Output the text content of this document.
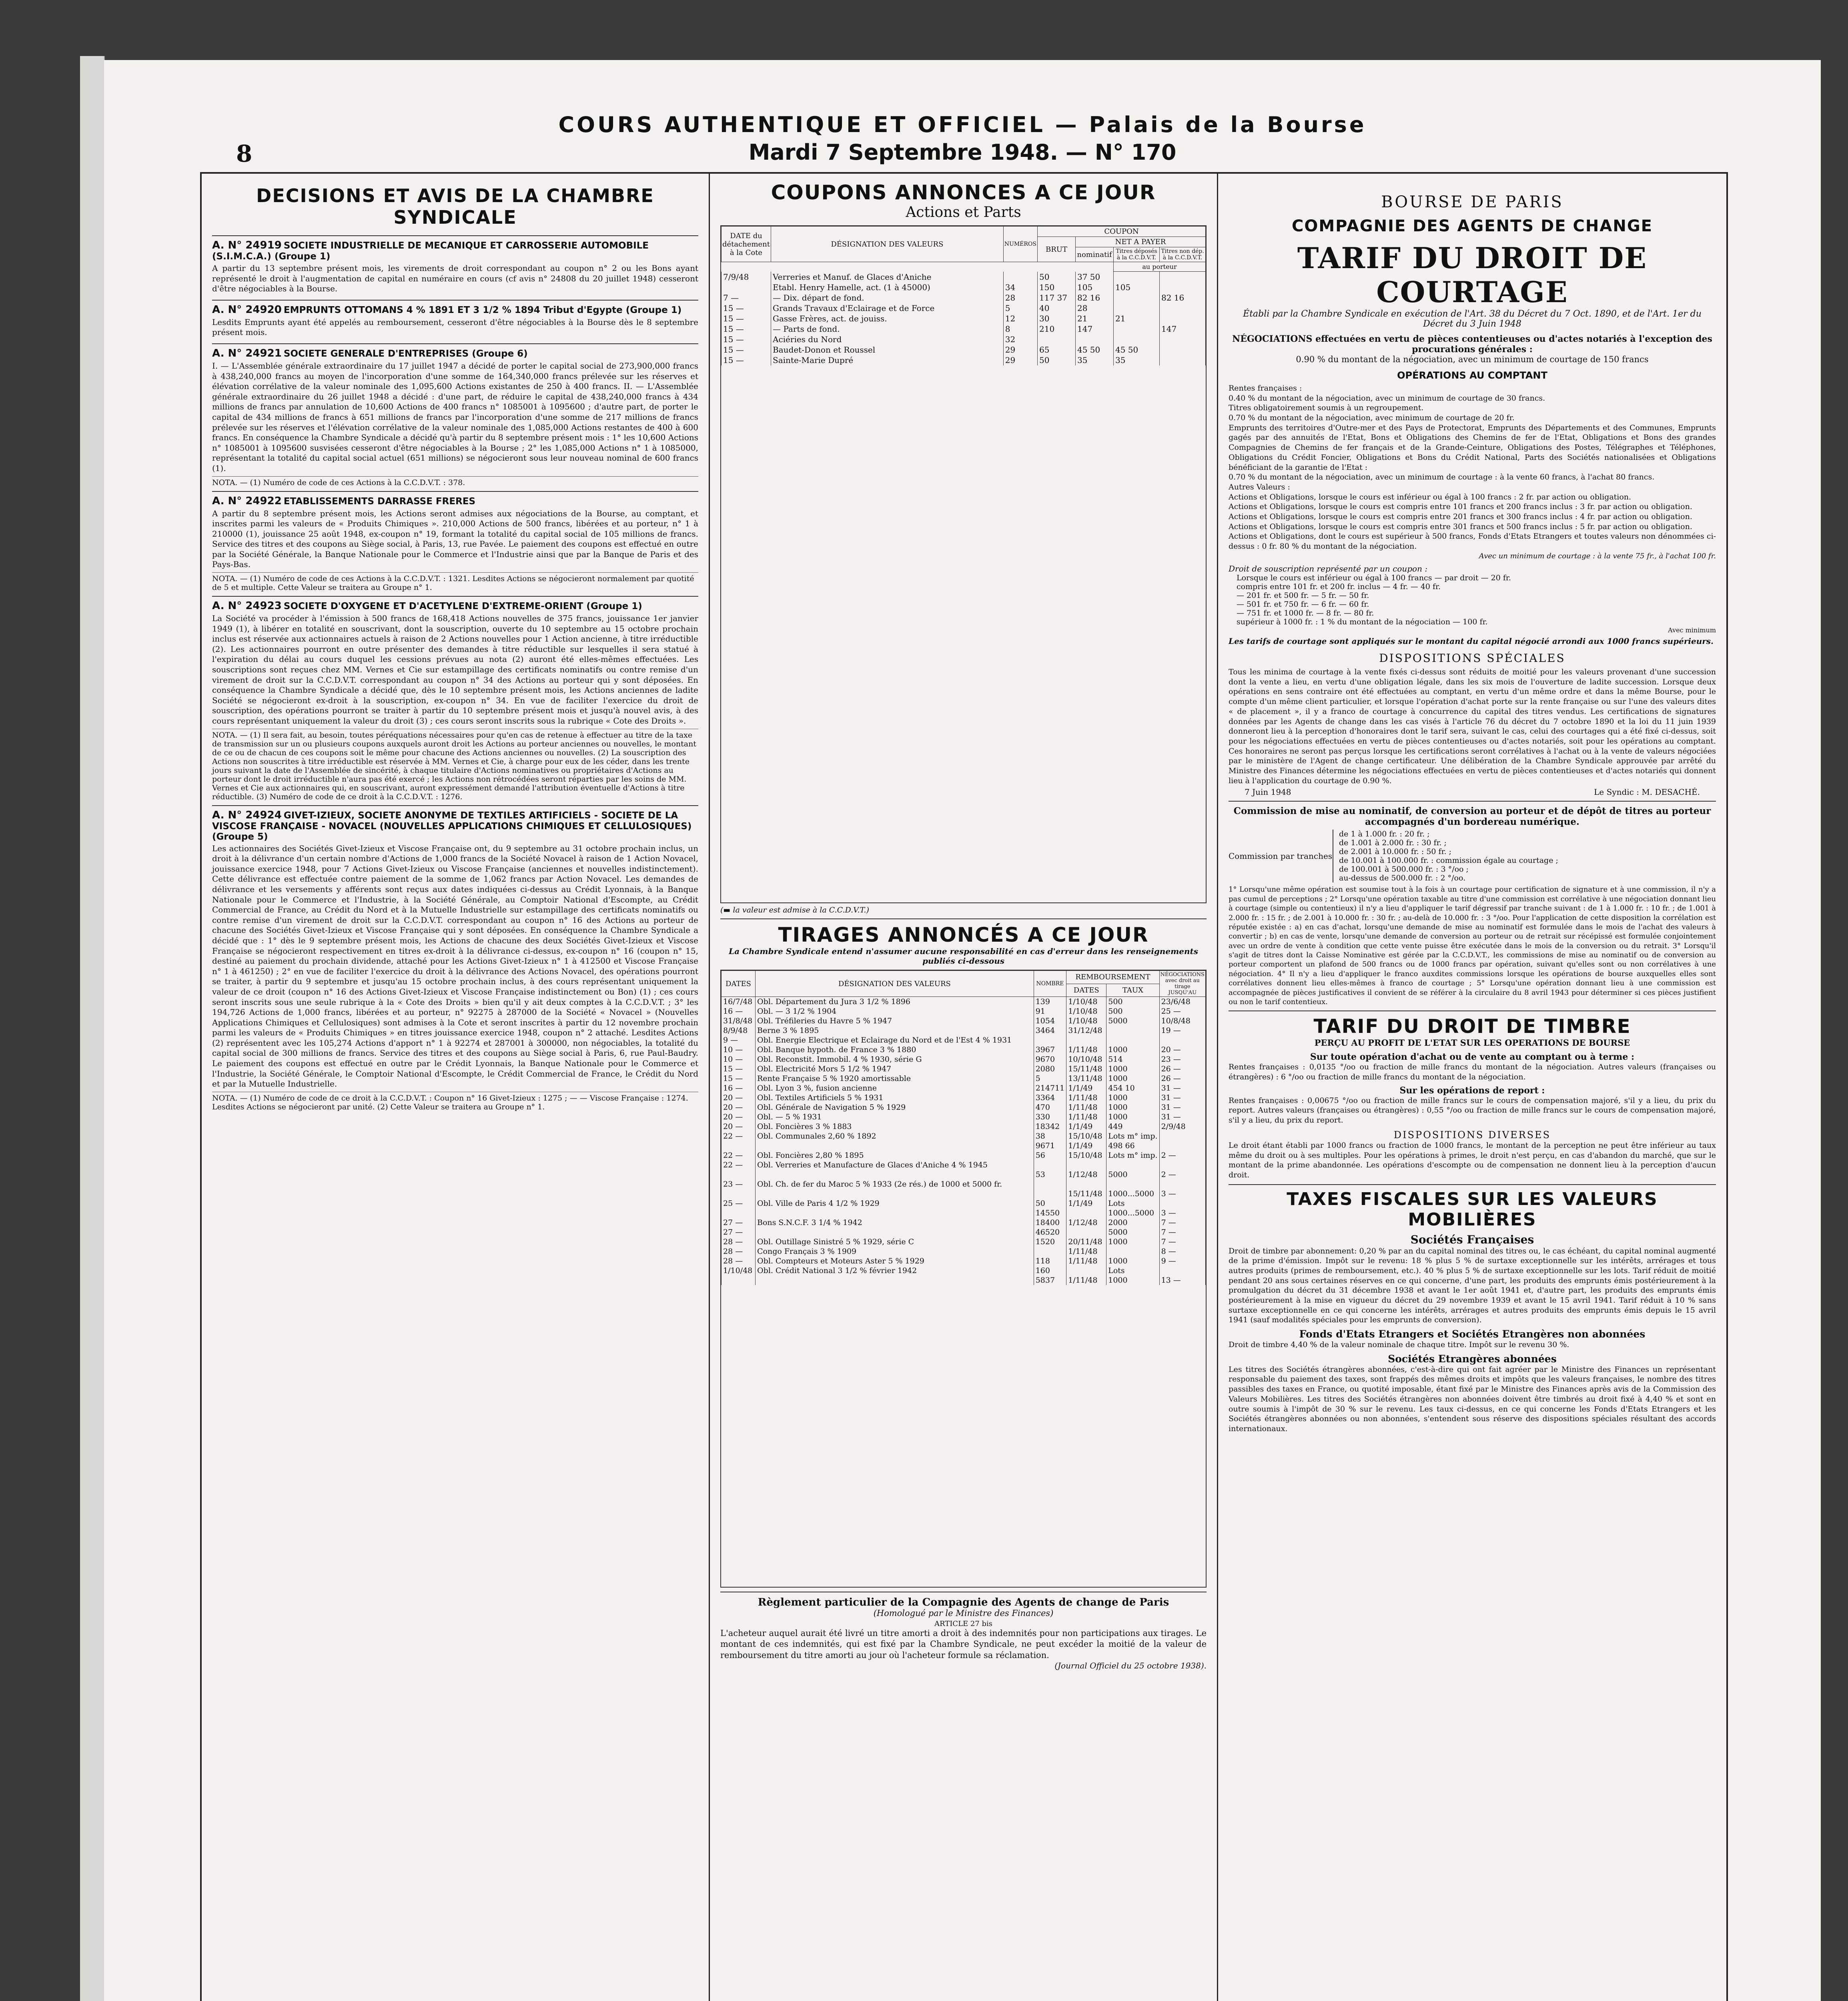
8
COURS AUTHENTIQUE ET OFFICIEL — Palais de la Bourse
Mardi 7 Septembre 1948. — N° 170
DECISIONS ET AVIS DE LA CHAMBRE SYNDICALE
A. N° 24919 SOCIETE INDUSTRIELLE DE MECANIQUE ET CARROSSERIE AUTOMOBILE (S.I.M.C.A.) (Groupe 1)

A partir du 13 septembre présent mois, les virements de droit correspondant au coupon n° 2 ou les Bons ayant représenté le droit à l'augmentation de capital en numéraire en cours (cf avis n° 24808 du 20 juillet 1948) cesseront d'être négociables à la Bourse.

A. N° 24920 EMPRUNTS OTTOMANS 4 % 1891 ET 3 1/2 % 1894 Tribut d'Egypte (Groupe 1)

Lesdits Emprunts ayant été appelés au remboursement, cesseront d'être négociables à la Bourse dès le 8 septembre présent mois.

A. N° 24921 SOCIETE GENERALE D'ENTREPRISES (Groupe 6)

I. — L'Assemblée générale extraordinaire du 17 juillet 1947 a décidé de porter le capital social de 273,900,000 francs à 438,240,000 francs au moyen de l'incorporation d'une somme de 164,340,000 francs prélevée sur les réserves et élévation corrélative de la valeur nominale des 1,095,600 Actions existantes de 250 à 400 francs. II. — L'Assemblée générale extraordinaire du 26 juillet 1948 a décidé : d'une part, de réduire le capital de 438,240,000 francs à 434 millions de francs par annulation de 10,600 Actions de 400 francs n° 1085001 à 1095600 ; d'autre part, de porter le capital de 434 millions de francs à 651 millions de francs par l'incorporation d'une somme de 217 millions de francs prélevée sur les réserves et l'élévation corrélative de la valeur nominale des 1,085,000 Actions restantes de 400 à 600 francs. En conséquence la Chambre Syndicale a décidé qu'à partir du 8 septembre présent mois : 1° les 10,600 Actions n° 1085001 à 1095600 susvisées cesseront d'être négociables à la Bourse ; 2° les 1,085,000 Actions n° 1 à 1085000, représentant la totalité du capital social actuel (651 millions) se négocieront sous leur nouveau nominal de 600 francs (1).

NOTA. — (1) Numéro de code de ces Actions à la C.C.D.V.T. : 378.
A. N° 24922 ETABLISSEMENTS DARRASSE FRERES

A partir du 8 septembre présent mois, les Actions seront admises aux négociations de la Bourse, au comptant, et inscrites parmi les valeurs de « Produits Chimiques ». 210,000 Actions de 500 francs, libérées et au porteur, n° 1 à 210000 (1), jouissance 25 août 1948, ex-coupon n° 19, formant la totalité du capital social de 105 millions de francs. Service des titres et des coupons au Siège social, à Paris, 13, rue Pavée. Le paiement des coupons est effectué en outre par la Société Générale, la Banque Nationale pour le Commerce et l'Industrie ainsi que par la Banque de Paris et des Pays-Bas.

NOTA. — (1) Numéro de code de ces Actions à la C.C.D.V.T. : 1321. Lesdites Actions se négocieront normalement par quotité de 5 et multiple. Cette Valeur se traitera au Groupe n° 1.
A. N° 24923 SOCIETE D'OXYGENE ET D'ACETYLENE D'EXTREME-ORIENT (Groupe 1)

La Société va procéder à l'émission à 500 francs de 168,418 Actions nouvelles de 375 francs, jouissance 1er janvier 1949 (1), à libérer en totalité en souscrivant, dont la souscription, ouverte du 10 septembre au 15 octobre prochain inclus est réservée aux actionnaires actuels à raison de 2 Actions nouvelles pour 1 Action ancienne, à titre irréductible (2). Les actionnaires pourront en outre présenter des demandes à titre réductible sur lesquelles il sera statué à l'expiration du délai au cours duquel les cessions prévues au nota (2) auront été elles-mêmes effectuées. Les souscriptions sont reçues chez MM. Vernes et Cie sur estampillage des certificats nominatifs ou contre remise d'un virement de droit sur la C.C.D.V.T. correspondant au coupon n° 34 des Actions au porteur qui y sont déposées. En conséquence la Chambre Syndicale a décidé que, dès le 10 septembre présent mois, les Actions anciennes de ladite Société se négocieront ex-droit à la souscription, ex-coupon n° 34. En vue de faciliter l'exercice du droit de souscription, des opérations pourront se traiter à partir du 10 septembre présent mois et jusqu'à nouvel avis, à des cours représentant uniquement la valeur du droit (3) ; ces cours seront inscrits sous la rubrique « Cote des Droits ».

NOTA. — (1) Il sera fait, au besoin, toutes péréquations nécessaires pour qu'en cas de retenue à effectuer au titre de la taxe de transmission sur un ou plusieurs coupons auxquels auront droit les Actions au porteur anciennes ou nouvelles, le montant de ce ou de chacun de ces coupons soit le même pour chacune des Actions anciennes ou nouvelles. (2) La souscription des Actions non souscrites à titre irréductible est réservée à MM. Vernes et Cie, à charge pour eux de les céder, dans les trente jours suivant la date de l'Assemblée de sincérité, à chaque titulaire d'Actions nominatives ou propriétaires d'Actions au porteur dont le droit irréductible n'aura pas été exercé ; les Actions non rétrocédées seront réparties par les soins de MM. Vernes et Cie aux actionnaires qui, en souscrivant, auront expressément demandé l'attribution éventuelle d'Actions à titre réductible. (3) Numéro de code de ce droit à la C.C.D.V.T. : 1276.
A. N° 24924 GIVET-IZIEUX, SOCIETE ANONYME DE TEXTILES ARTIFICIELS - SOCIETE DE LA VISCOSE FRANÇAISE - NOVACEL (NOUVELLES APPLICATIONS CHIMIQUES ET CELLULOSIQUES) (Groupe 5)

Les actionnaires des Sociétés Givet-Izieux et Viscose Française ont, du 9 septembre au 31 octobre prochain inclus, un droit à la délivrance d'un certain nombre d'Actions de 1,000 francs de la Société Novacel à raison de 1 Action Novacel, jouissance exercice 1948, pour 7 Actions Givet-Izieux ou Viscose Française (anciennes et nouvelles indistinctement). Cette délivrance est effectuée contre paiement de la somme de 1,062 francs par Action Novacel. Les demandes de délivrance et les versements y afférents sont reçus aux dates indiquées ci-dessus au Crédit Lyonnais, à la Banque Nationale pour le Commerce et l'Industrie, à la Société Générale, au Comptoir National d'Escompte, au Crédit Commercial de France, au Crédit du Nord et à la Mutuelle Industrielle sur estampillage des certificats nominatifs ou contre remise d'un virement de droit sur la C.C.D.V.T. correspondant au coupon n° 16 des Actions au porteur de chacune des Sociétés Givet-Izieux et Viscose Française qui y sont déposées. En conséquence la Chambre Syndicale a décidé que : 1° dès le 9 septembre présent mois, les Actions de chacune des deux Sociétés Givet-Izieux et Viscose Française se négocieront respectivement en titres ex-droit à la délivrance ci-dessus, ex-coupon n° 16 (coupon n° 15, destiné au paiement du prochain dividende, attaché pour les Actions Givet-Izieux n° 1 à 412500 et Viscose Française n° 1 à 461250) ; 2° en vue de faciliter l'exercice du droit à la délivrance des Actions Novacel, des opérations pourront se traiter, à partir du 9 septembre et jusqu'au 15 octobre prochain inclus, à des cours représentant uniquement la valeur de ce droit (coupon n° 16 des Actions Givet-Izieux et Viscose Française indistinctement ou Bon) (1) ; ces cours seront inscrits sous une seule rubrique à la « Cote des Droits » bien qu'il y ait deux comptes à la C.C.D.V.T. ; 3° les 194,726 Actions de 1,000 francs, libérées et au porteur, n° 92275 à 287000 de la Société « Novacel » (Nouvelles Applications Chimiques et Cellulosiques) sont admises à la Cote et seront inscrites à partir du 12 novembre prochain parmi les valeurs de « Produits Chimiques » en titres jouissance exercice 1948, coupon n° 2 attaché. Lesdites Actions (2) représentent avec les 105,274 Actions d'apport n° 1 à 92274 et 287001 à 300000, non négociables, la totalité du capital social de 300 millions de francs. Service des titres et des coupons au Siège social à Paris, 6, rue Paul-Baudry. Le paiement des coupons est effectué en outre par le Crédit Lyonnais, la Banque Nationale pour le Commerce et l'Industrie, la Société Générale, le Comptoir National d'Escompte, le Crédit Commercial de France, le Crédit du Nord et par la Mutuelle Industrielle.

NOTA. — (1) Numéro de code de ce droit à la C.C.D.V.T. : Coupon n° 16 Givet-Izieux : 1275 ; — — Viscose Française : 1274. Lesdites Actions se négocieront par unité. (2) Cette Valeur se traitera au Groupe n° 1.
COUPONS ANNONCES A CE JOUR
Actions et Parts
DATE du détachement à la Cote	DÉSIGNATION DES VALEURS	NUMÉROS	COUPON			
			BRUT	NET A PAYER		
				nominatif	Titres déposés à la C.C.D.V.T.	Titres non dép. à la C.C.D.V.T.
					au porteur	
7/9/48	Verreries et Manuf. de Glaces d'Aniche		50	37 50		
	Etabl. Henry Hamelle, act. (1 à 45000)	34	150	105	105	
7 —	— Dix. départ de fond.	28	117 37	82 16		82 16
15 —	Grands Travaux d'Eclairage et de Force	5	40	28		
15 —	Gasse Frères, act. de jouiss.	12	30	21	21	
15 —	— Parts de fond.	8	210	147		147
15 —	Aciéries du Nord	32				
15 —	Baudet-Donon et Roussel	29	65	45 50	45 50	
15 —	Sainte-Marie Dupré	29	50	35	35	
(▬ la valeur est admise à la C.C.D.V.T.)
TIRAGES ANNONCÉS A CE JOUR
La Chambre Syndicale entend n'assumer aucune responsabilité en cas d'erreur dans les renseignements publiés ci-dessous
DATES	DÉSIGNATION DES VALEURS	NOMBRE	REMBOURSEMENT		NÉGOCIATIONS avec droit au tirage JUSQU'AU
			DATES	TAUX	
16/7/48	Obl. Département du Jura 3 1/2 % 1896	139	1/10/48	500	23/6/48
16 —	Obl. — 3 1/2 % 1904	91	1/10/48	500	25 —
31/8/48	Obl. Tréfileries du Havre 5 % 1947	1054	1/10/48	5000	10/8/48
8/9/48	Berne 3 % 1895	3464	31/12/48		19 —
9 —	Obl. Energie Electrique et Eclairage du Nord et de l'Est 4 % 1931				
10 —	Obl. Banque hypoth. de France 3 % 1880	3967	1/11/48	1000	20 —
10 —	Obl. Reconstit. Immobil. 4 % 1930, série G	9670	10/10/48	514	23 —
15 —	Obl. Electricité Mors 5 1/2 % 1947	2080	15/11/48	1000	26 —
15 —	Rente Française 5 % 1920 amortissable	5	13/11/48	1000	26 —
16 —	Obl. Lyon 3 %, fusion ancienne	214711	1/1/49	454 10	31 —
20 —	Obl. Textiles Artificiels 5 % 1931	3364	1/11/48	1000	31 —
20 —	Obl. Générale de Navigation 5 % 1929	470	1/11/48	1000	31 —
20 —	Obl. — 5 % 1931	330	1/11/48	1000	31 —
20 —	Obl. Foncières 3 % 1883	18342	1/1/49	449	2/9/48
22 —	Obl. Communales 2,60 % 1892	38	15/10/48	Lots m° imp.	
		9671	1/1/49	498 66	
22 —	Obl. Foncières 2,80 % 1895	56	15/10/48	Lots m° imp.	2 —
22 —	Obl. Verreries et Manufacture de Glaces d'Aniche 4 % 1945				
		53	1/12/48	5000	2 —
23 —	Obl. Ch. de fer du Maroc 5 % 1933 (2e rés.) de 1000 et 5000 fr.				
			15/11/48	1000...5000	3 —
25 —	Obl. Ville de Paris 4 1/2 % 1929	50	1/1/49	Lots	
		14550		1000...5000	3 —
27 —	Bons S.N.C.F. 3 1/4 % 1942	18400	1/12/48	2000	7 —
27 —		46520		5000	7 —
28 —	Obl. Outillage Sinistré 5 % 1929, série C	1520	20/11/48	1000	7 —
28 —	Congo Français 3 % 1909		1/11/48		8 —
28 —	Obl. Compteurs et Moteurs Aster 5 % 1929	118	1/11/48	1000	9 —
1/10/48	Obl. Crédit National 3 1/2 % février 1942	160		Lots	
		5837	1/11/48	1000	13 —
Règlement particulier de la Compagnie des Agents de change de Paris
(Homologué par le Ministre des Finances)
ARTICLE 27 bis
L'acheteur auquel aurait été livré un titre amorti a droit à des indemnités pour non participations aux tirages. Le montant de ces indemnités, qui est fixé par la Chambre Syndicale, ne peut excéder la moitié de la valeur de remboursement du titre amorti au jour où l'acheteur formule sa réclamation.
(Journal Officiel du 25 octobre 1938).
BOURSE DE PARIS
COMPAGNIE DES AGENTS DE CHANGE
TARIF DU DROIT DE COURTAGE
Établi par la Chambre Syndicale en exécution de l'Art. 38 du Décret du 7 Oct. 1890, et de l'Art. 1er du Décret du 3 Juin 1948
NÉGOCIATIONS effectuées en vertu de pièces contentieuses ou d'actes notariés à l'exception des procurations générales :
0.90 % du montant de la négociation, avec un minimum de courtage de 150 francs
OPÉRATIONS AU COMPTANT
Rentes françaises :
0.40 % du montant de la négociation, avec un minimum de courtage de 30 francs.
Titres obligatoirement soumis à un regroupement.
0.70 % du montant de la négociation, avec minimum de courtage de 20 fr.
Emprunts des territoires d'Outre-mer et des Pays de Protectorat, Emprunts des Départements et des Communes, Emprunts gagés par des annuités de l'Etat, Bons et Obligations des Chemins de fer de l'Etat, Obligations et Bons des grandes Compagnies de Chemins de fer français et de la Grande-Ceinture, Obligations des Postes, Télégraphes et Téléphones, Obligations du Crédit Foncier, Obligations et Bons du Crédit National, Parts des Sociétés nationalisées et Obligations bénéficiant de la garantie de l'Etat :
0.70 % du montant de la négociation, avec un minimum de courtage : à la vente 60 francs, à l'achat 80 francs.
Autres Valeurs :
Actions et Obligations, lorsque le cours est inférieur ou égal à 100 francs : 2 fr. par action ou obligation.
Actions et Obligations, lorsque le cours est compris entre 101 francs et 200 francs inclus : 3 fr. par action ou obligation.
Actions et Obligations, lorsque le cours est compris entre 201 francs et 300 francs inclus : 4 fr. par action ou obligation.
Actions et Obligations, lorsque le cours est compris entre 301 francs et 500 francs inclus : 5 fr. par action ou obligation.
Actions et Obligations, dont le cours est supérieur à 500 francs, Fonds d'Etats Etrangers et toutes valeurs non dénommées ci-dessus : 0 fr. 80 % du montant de la négociation.
Avec un minimum de courtage : à la vente 75 fr., à l'achat 100 fr.
Droit de souscription représenté par un coupon :
Lorsque le cours est inférieur ou égal à 100 francs — par droit — 20 fr.
compris entre 101 fr. et 200 fr. inclus — 4 fr. — 40 fr.
— 201 fr. et 500 fr. — 5 fr. — 50 fr.
— 501 fr. et 750 fr. — 6 fr. — 60 fr.
— 751 fr. et 1000 fr. — 8 fr. — 80 fr.
supérieur à 1000 fr. : 1 % du montant de la négociation — 100 fr.
Avec minimum
Les tarifs de courtage sont appliqués sur le montant du capital négocié arrondi aux 1000 francs supérieurs.
DISPOSITIONS SPÉCIALES
Tous les minima de courtage à la vente fixés ci-dessus sont réduits de moitié pour les valeurs provenant d'une succession dont la vente a lieu, en vertu d'une obligation légale, dans les six mois de l'ouverture de ladite succession. Lorsque deux opérations en sens contraire ont été effectuées au comptant, en vertu d'un même ordre et dans la même Bourse, pour le compte d'un même client particulier, et lorsque l'opération d'achat porte sur la rente française ou sur l'une des valeurs dites « de placement », il y a franco de courtage à concurrence du capital des titres vendus. Les certifications de signatures données par les Agents de change dans les cas visés à l'article 76 du décret du 7 octobre 1890 et la loi du 11 juin 1939 donneront lieu à la perception d'honoraires dont le tarif sera, suivant le cas, celui des courtages qui a été fixé ci-dessus, soit pour les négociations effectuées en vertu de pièces contentieuses ou d'actes notariés, soit pour les opérations au comptant. Ces honoraires ne seront pas perçus lorsque les certifications seront corrélatives à l'achat ou à la vente de valeurs négociées par le ministère de l'Agent de change certificateur. Une délibération de la Chambre Syndicale approuvée par arrêté du Ministre des Finances détermine les négociations effectuées en vertu de pièces contentieuses et d'actes notariés qui donnent lieu à l'application du courtage de 0.90 %.
7 Juin 1948	Le Syndic : M. DESACHÉ.
Commission de mise au nominatif, de conversion au porteur et de dépôt de titres au porteur accompagnés d'un bordereau numérique.
Commission par tranches
de 1 à 1.000 fr. : 20 fr. ;
de 1.001 à 2.000 fr. : 30 fr. ;
de 2.001 à 10.000 fr. : 50 fr. ;
de 10.001 à 100.000 fr. : commission égale au courtage ;
de 100.001 à 500.000 fr. : 3 °/oo ;
au-dessus de 500.000 fr. : 2 °/oo.
1° Lorsqu'une même opération est soumise tout à la fois à un courtage pour certification de signature et à une commission, il n'y a pas cumul de perceptions ; 2° Lorsqu'une opération taxable au titre d'une commission est corrélative à une négociation donnant lieu à courtage (simple ou contentieux) il n'y a lieu d'appliquer le tarif dégressif par tranche suivant : de 1 à 1.000 fr. : 10 fr. ; de 1.001 à 2.000 fr. : 15 fr. ; de 2.001 à 10.000 fr. : 30 fr. ; au-delà de 10.000 fr. : 3 °/oo. Pour l'application de cette disposition la corrélation est réputée existée : a) en cas d'achat, lorsqu'une demande de mise au nominatif est formulée dans le mois de l'achat des valeurs à convertir ; b) en cas de vente, lorsqu'une demande de conversion au porteur ou de retrait sur récépissé est formulée conjointement avec un ordre de vente à condition que cette vente puisse être exécutée dans le mois de la conversion ou du retrait. 3° Lorsqu'il s'agit de titres dont la Caisse Nominative est gérée par la C.C.D.V.T., les commissions de mise au nominatif ou de conversion au porteur comportent un plafond de 500 francs ou de 1000 francs par opération, suivant qu'elles sont ou non corrélatives à une négociation. 4° Il n'y a lieu d'appliquer le franco auxdites commissions lorsque les opérations de bourse auxquelles elles sont corrélatives donnent lieu elles-mêmes à franco de courtage ; 5° Lorsqu'une opération donnant lieu à une commission est accompagnée de pièces justificatives il convient de se référer à la circulaire du 8 avril 1943 pour déterminer si ces pièces justifient ou non le tarif contentieux.
TARIF DU DROIT DE TIMBRE
PERÇU AU PROFIT DE L'ETAT SUR LES OPERATIONS DE BOURSE
Sur toute opération d'achat ou de vente au comptant ou à terme :
Rentes françaises : 0,0135 °/oo ou fraction de mille francs du montant de la négociation. Autres valeurs (françaises ou étrangères) : 6 °/oo ou fraction de mille francs du montant de la négociation.
Sur les opérations de report :
Rentes françaises : 0,00675 °/oo ou fraction de mille francs sur le cours de compensation majoré, s'il y a lieu, du prix du report. Autres valeurs (françaises ou étrangères) : 0,55 °/oo ou fraction de mille francs sur le cours de compensation majoré, s'il y a lieu, du prix du report.
DISPOSITIONS DIVERSES
Le droit étant établi par 1000 francs ou fraction de 1000 francs, le montant de la perception ne peut être inférieur au taux même du droit ou à ses multiples. Pour les opérations à primes, le droit n'est perçu, en cas d'abandon du marché, que sur le montant de la prime abandonnée. Les opérations d'escompte ou de compensation ne donnent lieu à la perception d'aucun droit.
TAXES FISCALES SUR LES VALEURS MOBILIÈRES
Sociétés Françaises
Droit de timbre par abonnement: 0,20 % par an du capital nominal des titres ou, le cas échéant, du capital nominal augmenté de la prime d'émission. Impôt sur le revenu: 18 % plus 5 % de surtaxe exceptionnelle sur les intérêts, arrérages et tous autres produits (primes de remboursement, etc.). 40 % plus 5 % de surtaxe exceptionnelle sur les lots. Tarif réduit de moitié pendant 20 ans sous certaines réserves en ce qui concerne, d'une part, les produits des emprunts émis postérieurement à la promulgation du décret du 31 décembre 1938 et avant le 1er août 1941 et, d'autre part, les produits des emprunts émis postérieurement à la mise en vigueur du décret du 29 novembre 1939 et avant le 15 avril 1941. Tarif réduit à 10 % sans surtaxe exceptionnelle en ce qui concerne les intérêts, arrérages et autres produits des emprunts émis depuis le 15 avril 1941 (sauf modalités spéciales pour les emprunts de conversion).
Fonds d'Etats Etrangers et Sociétés Etrangères non abonnées
Droit de timbre 4,40 % de la valeur nominale de chaque titre. Impôt sur le revenu 30 %.
Sociétés Etrangères abonnées
Les titres des Sociétés étrangères abonnées, c'est-à-dire qui ont fait agréer par le Ministre des Finances un représentant responsable du paiement des taxes, sont frappés des mêmes droits et impôts que les valeurs françaises, le nombre des titres passibles des taxes en France, ou quotité imposable, étant fixé par le Ministre des Finances après avis de la Commission des Valeurs Mobilières. Les titres des Sociétés étrangères non abonnées doivent être timbrés au droit fixé à 4,40 % et sont en outre soumis à l'impôt de 30 % sur le revenu. Les taux ci-dessus, en ce qui concerne les Fonds d'Etats Etrangers et les Sociétés étrangères abonnées ou non abonnées, s'entendent sous réserve des dispositions spéciales résultant des accords internationaux.
